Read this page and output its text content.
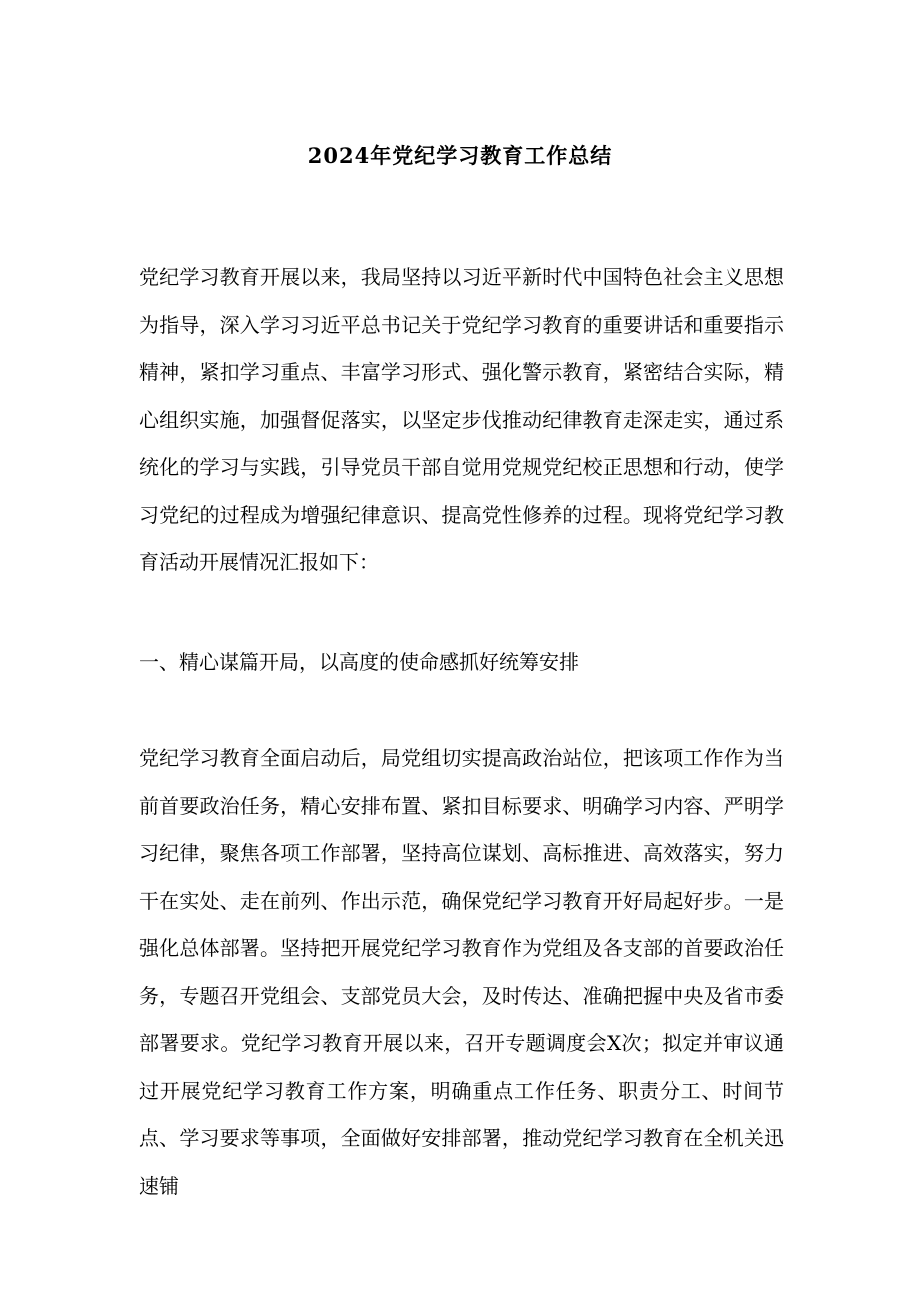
2024年党纪学习教育工作总结

党纪学习教育开展以来，我局坚持以习近平新时代中国特色社会主义思想为指导，深入学习习近平总书记关于党纪学习教育的重要讲话和重要指示精神，紧扣学习重点、丰富学习形式、强化警示教育，紧密结合实际，精心组织实施，加强督促落实，以坚定步伐推动纪律教育走深走实，通过系统化的学习与实践，引导党员干部自觉用党规党纪校正思想和行动，使学习党纪的过程成为增强纪律意识、提高党性修养的过程。现将党纪学习教育活动开展情况汇报如下：

一、精心谋篇开局，以高度的使命感抓好统筹安排

党纪学习教育全面启动后，局党组切实提高政治站位，把该项工作作为当前首要政治任务，精心安排布置、紧扣目标要求、明确学习内容、严明学习纪律，聚焦各项工作部署，坚持高位谋划、高标推进、高效落实，努力干在实处、走在前列、作出示范，确保党纪学习教育开好局起好步。一是强化总体部署。坚持把开展党纪学习教育作为党组及各支部的首要政治任务，专题召开党组会、支部党员大会，及时传达、准确把握中央及省市委部署要求。党纪学习教育开展以来，召开专题调度会X次；拟定并审议通过开展党纪学习教育工作方案，明确重点工作任务、职责分工、时间节点、学习要求等事项，全面做好安排部署，推动党纪学习教育在全机关迅速铺
